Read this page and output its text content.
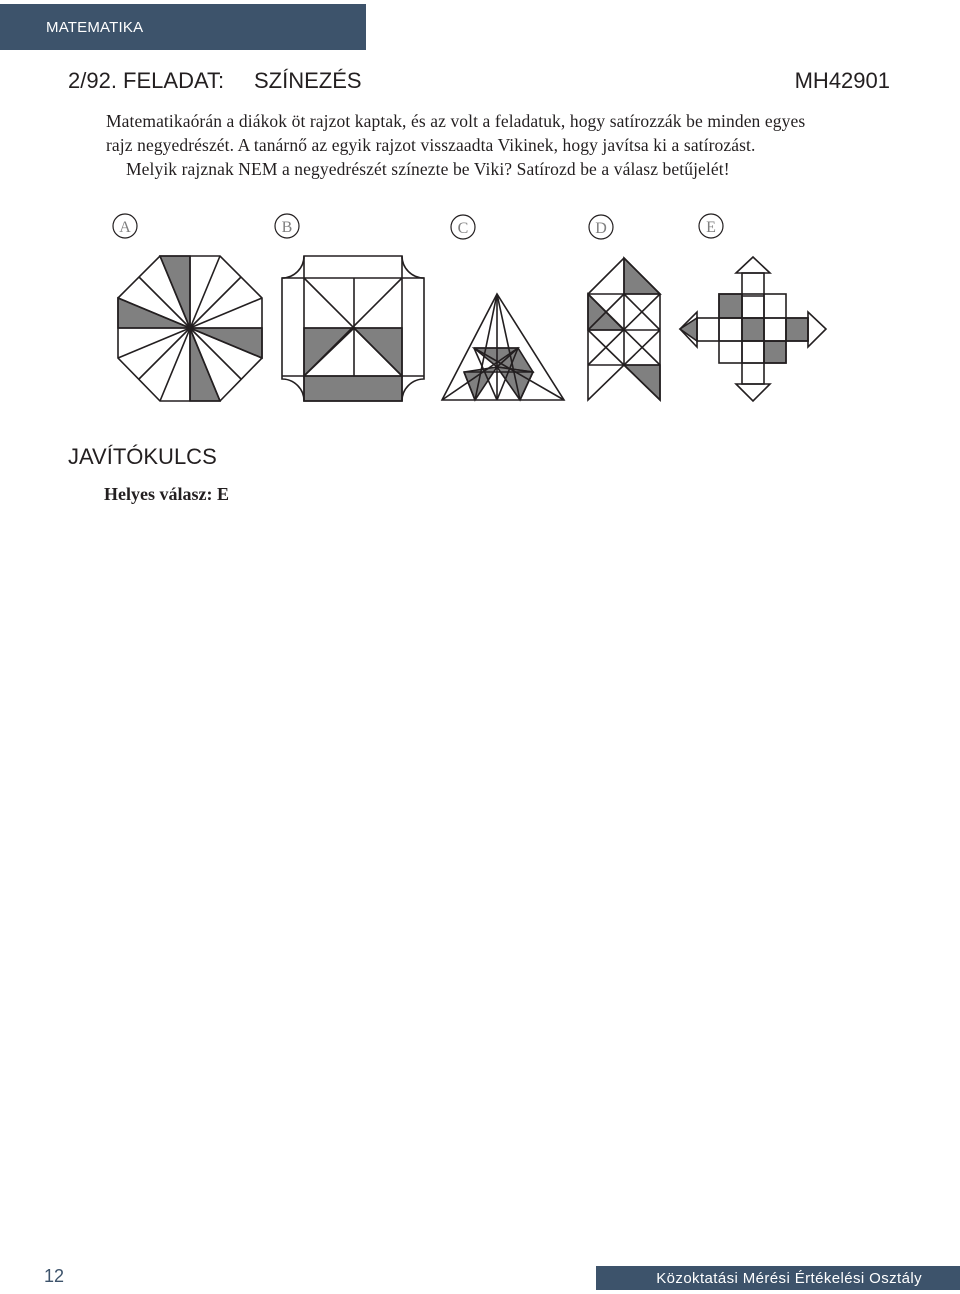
MATEMATIKA
2/92. FELADAT: SZÍNEZÉS	MH42901

Matematikaórán a diákok öt rajzot kaptak, és az volt a feladatuk, hogy satírozzák be minden egyes rajz negyedrészét. A tanárnő az egyik rajzot visszaadta Vikinek, hogy javítsa ki a satírozást.

Melyik rajznak NEM a negyedrészét színezte be Viki? Satírozd be a válasz betűjelét!

A	B	C	D	E
JAVÍTÓKULCS
Helyes válasz: E
12	Közoktatási Mérési Értékelési Osztály
